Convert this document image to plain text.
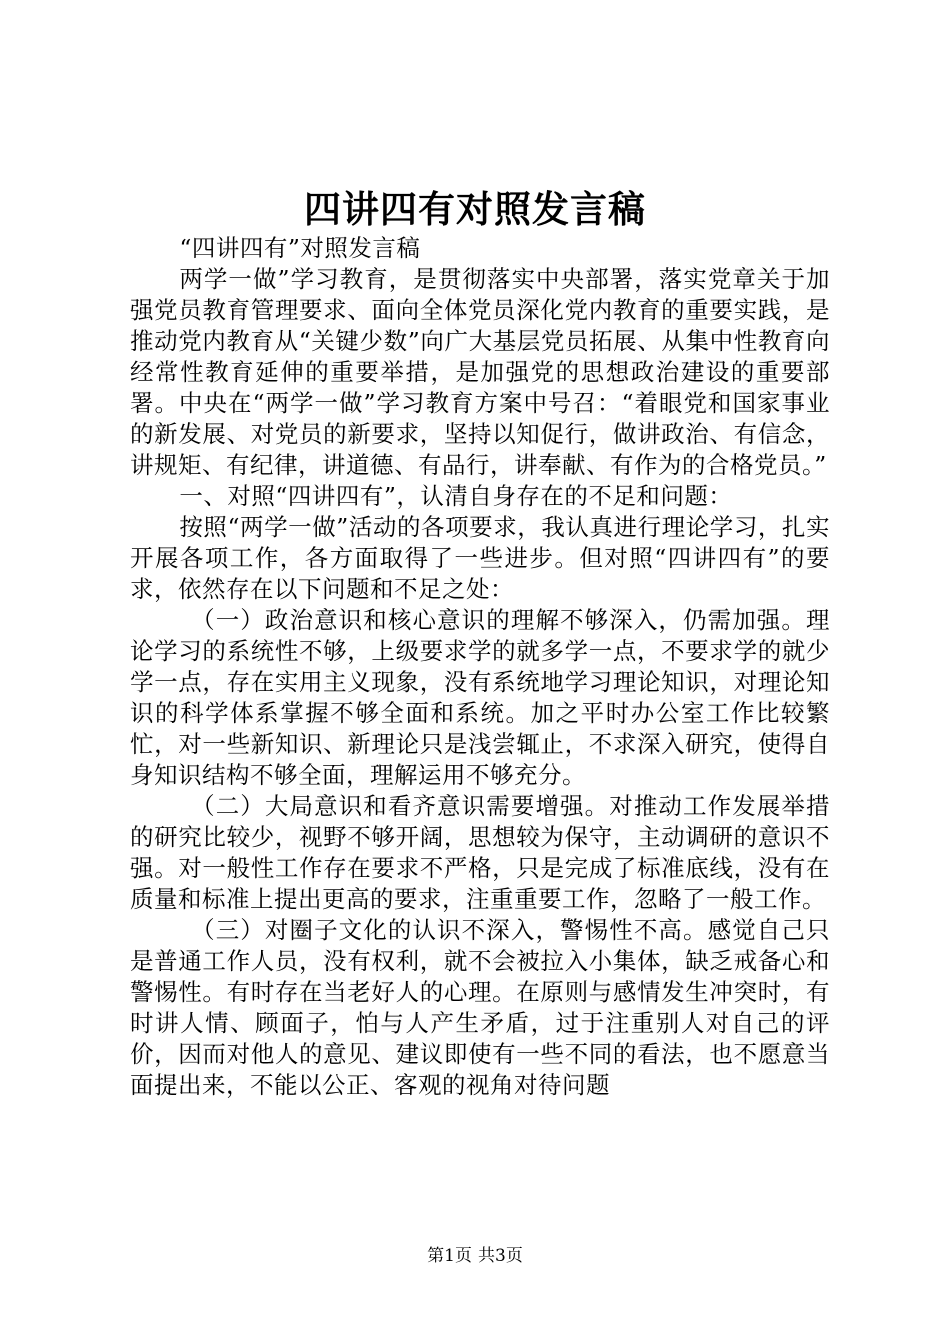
四讲四有对照发言稿

“四讲四有”对照发言稿

两学一做”学习教育，是贯彻落实中央部署，落实党章关于加强党员教育管理要求、面向全体党员深化党内教育的重要实践，是推动党内教育从“关键少数”向广大基层党员拓展、从集中性教育向经常性教育延伸的重要举措，是加强党的思想政治建设的重要部署。中央在“两学一做”学习教育方案中号召：“着眼党和国家事业的新发展、对党员的新要求，坚持以知促行，做讲政治、有信念，讲规矩、有纪律，讲道德、有品行，讲奉献、有作为的合格党员。”

一、对照“四讲四有”，认清自身存在的不足和问题：

按照“两学一做”活动的各项要求，我认真进行理论学习，扎实开展各项工作，各方面取得了一些进步。但对照“四讲四有”的要求，依然存在以下问题和不足之处：

（一）政治意识和核心意识的理解不够深入，仍需加强。理论学习的系统性不够，上级要求学的就多学一点，不要求学的就少学一点，存在实用主义现象，没有系统地学习理论知识，对理论知识的科学体系掌握不够全面和系统。加之平时办公室工作比较繁忙，对一些新知识、新理论只是浅尝辄止，不求深入研究，使得自身知识结构不够全面，理解运用不够充分。

（二）大局意识和看齐意识需要增强。对推动工作发展举措的研究比较少，视野不够开阔，思想较为保守，主动调研的意识不强。对一般性工作存在要求不严格，只是完成了标准底线，没有在质量和标准上提出更高的要求，注重重要工作，忽略了一般工作。

（三）对圈子文化的认识不深入，警惕性不高。感觉自己只是普通工作人员，没有权利，就不会被拉入小集体，缺乏戒备心和警惕性。有时存在当老好人的心理。在原则与感情发生冲突时，有时讲人情、顾面子，怕与人产生矛盾，过于注重别人对自己的评价，因而对他人的意见、建议即使有一些不同的看法，也不愿意当面提出来，不能以公正、客观的视角对待问题

第1页 共3页
